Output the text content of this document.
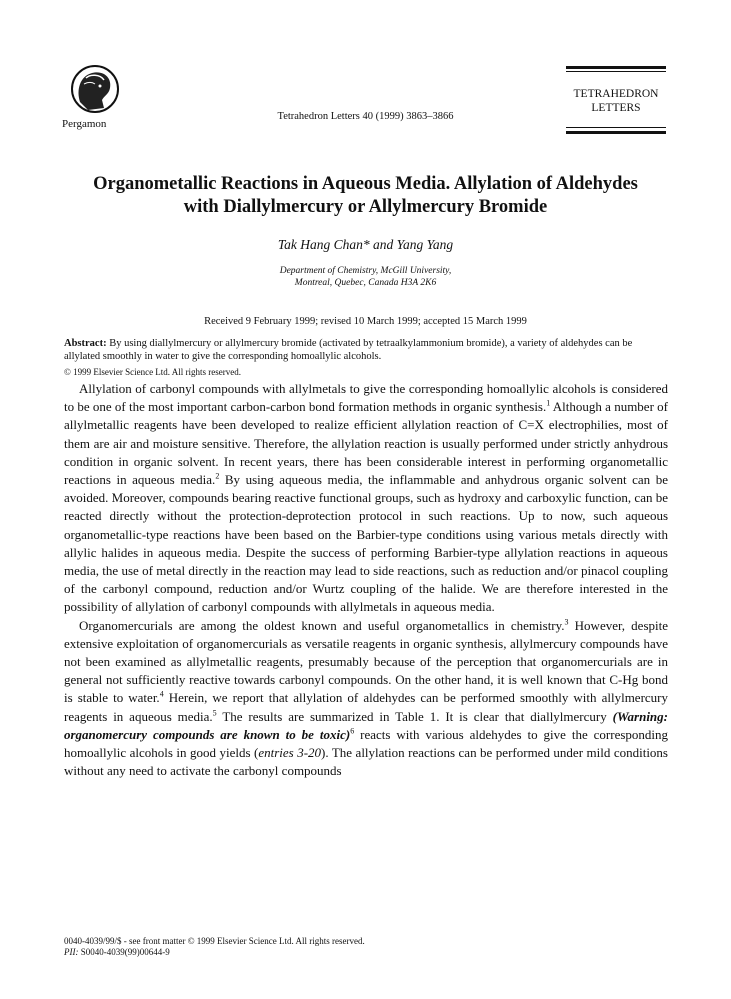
Pergamon
Tetrahedron Letters 40 (1999) 3863–3866
TETRAHEDRON
LETTERS
Organometallic Reactions in Aqueous Media. Allylation of Aldehydes
with Diallylmercury or Allylmercury Bromide
Tak Hang Chan* and Yang Yang
Department of Chemistry, McGill University,
Montreal, Quebec, Canada H3A 2K6
Received 9 February 1999; revised 10 March 1999; accepted 15 March 1999
Abstract: By using diallylmercury or allylmercury bromide (activated by tetraalkylammonium bromide), a variety of aldehydes can be allylated smoothly in water to give the corresponding homoallylic alcohols.
© 1999 Elsevier Science Ltd. All rights reserved.

Allylation of carbonyl compounds with allylmetals to give the corresponding homoallylic alcohols is considered to be one of the most important carbon-carbon bond formation methods in organic synthesis.$^1$ Although a number of allylmetallic reagents have been developed to realize efficient allylation reaction of C=X electrophilies, most of them are air and moisture sensitive. Therefore, the allylation reaction is usually performed under strictly anhydrous condition in organic solvent. In recent years, there has been considerable interest in performing organometallic reactions in aqueous media.$^2$ By using aqueous media, the inflammable and anhydrous organic solvent can be avoided. Moreover, compounds bearing reactive functional groups, such as hydroxy and carboxylic function, can be reacted directly without the protection-deprotection protocol in such reactions. Up to now, such aqueous organometallic-type reactions have been based on the Barbier-type conditions using various metals directly with allylic halides in aqueous media. Despite the success of performing Barbier-type allylation reactions in aqueous media, the use of metal directly in the reaction may lead to side reactions, such as reduction and/or pinacol coupling of the carbonyl compound, reduction and/or Wurtz coupling of the halide. We are therefore interested in the possibility of allylation of carbonyl compounds with allylmetals in aqueous media.

Organomercurials are among the oldest known and useful organometallics in chemistry.$^3$ However, despite extensive exploitation of organomercurials as versatile reagents in organic synthesis, allylmercury compounds have not been examined as allylmetallic reagents, presumably because of the perception that organomercurials are in general not sufficiently reactive towards carbonyl compounds. On the other hand, it is well known that C-Hg bond is stable to water.$^4$ Herein, we report that allylation of aldehydes can be performed smoothly with allylmercury reagents in aqueous media.$^5$ The results are summarized in Table 1. It is clear that diallylmercury (Warning: organomercury compounds are known to be toxic)$^6$ reacts with various aldehydes to give the corresponding homoallylic alcohols in good yields (entries 3-20). The allylation reactions can be performed under mild conditions without any need to activate the carbonyl compounds

0040-4039/99/$ - see front matter © 1999 Elsevier Science Ltd. All rights reserved.
PII: S0040-4039(99)00644-9
